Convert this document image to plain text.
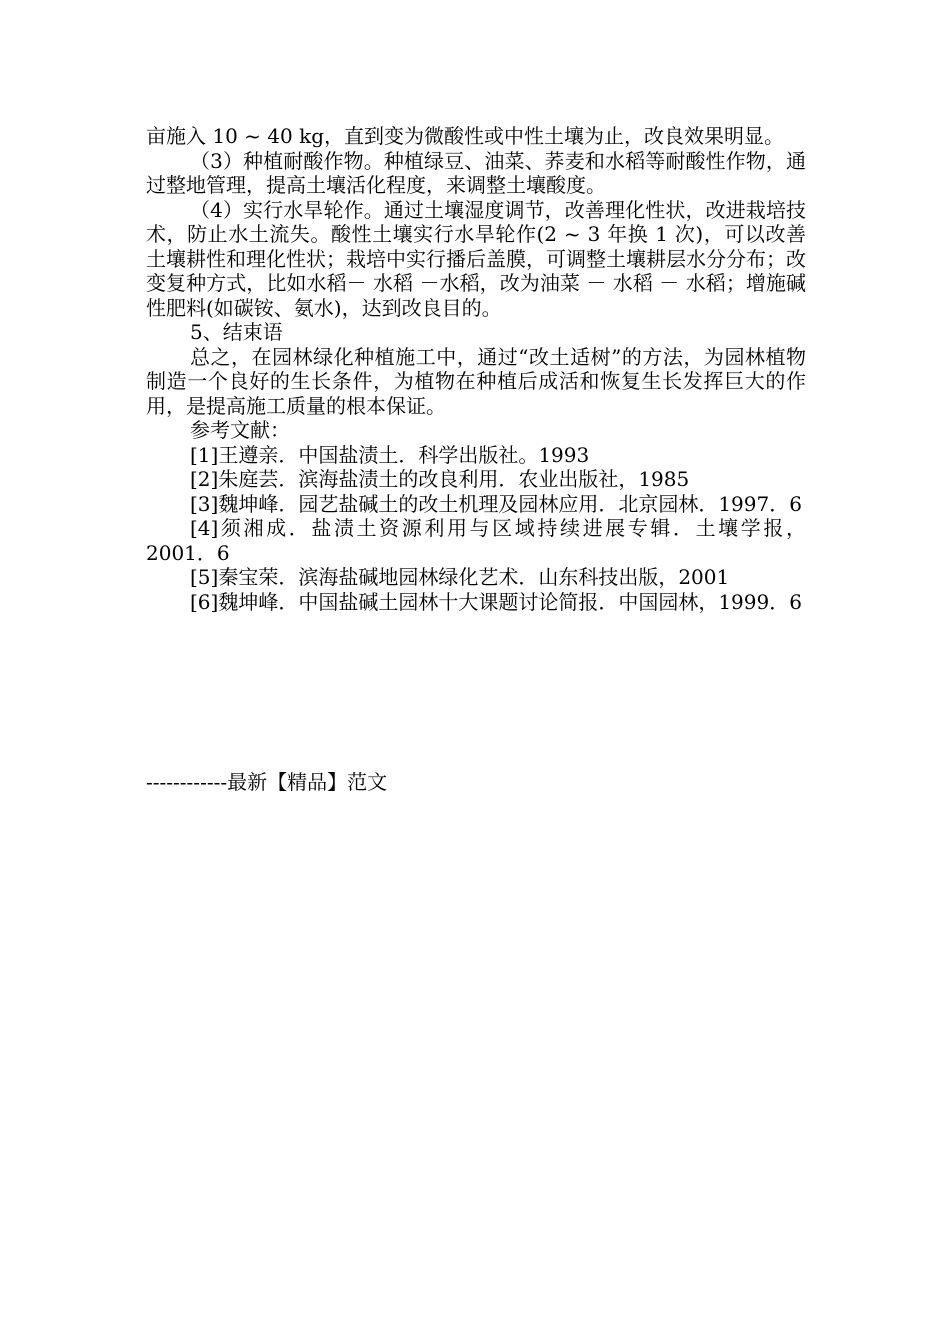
亩施入 10 ~ 40 kg，直到变为微酸性或中性土壤为止，改良效果明显。

（3）种植耐酸作物。种植绿豆、油菜、荞麦和水稻等耐酸性作物，通过整地管理，提高土壤活化程度，来调整土壤酸度。

（4）实行水旱轮作。通过土壤湿度调节，改善理化性状，改进栽培技术，防止水土流失。酸性土壤实行水旱轮作(2 ~ 3 年换 1 次)，可以改善土壤耕性和理化性状；栽培中实行播后盖膜，可调整土壤耕层水分分布；改变复种方式，比如水稻－ 水稻 －水稻，改为油菜 － 水稻 － 水稻；增施碱性肥料(如碳铵、氨水)，达到改良目的。

5、结束语

总之，在园林绿化种植施工中，通过“改土适树”的方法，为园林植物制造一个良好的生长条件，为植物在种植后成活和恢复生长发挥巨大的作用，是提高施工质量的根本保证。

参考文献：

[1]王遵亲．中国盐渍土．科学出版社。1993

[2]朱庭芸．滨海盐渍土的改良利用．农业出版社，1985

[3]魏坤峰．园艺盐碱土的改土机理及园林应用．北京园林．1997．6

[4]须湘成．盐渍土资源利用与区域持续进展专辑．土壤学报，2001．6

[5]秦宝荣．滨海盐碱地园林绿化艺术．山东科技出版，2001

[6]魏坤峰．中国盐碱土园林十大课题讨论简报．中国园林，1999．6

------------最新【精品】范文
